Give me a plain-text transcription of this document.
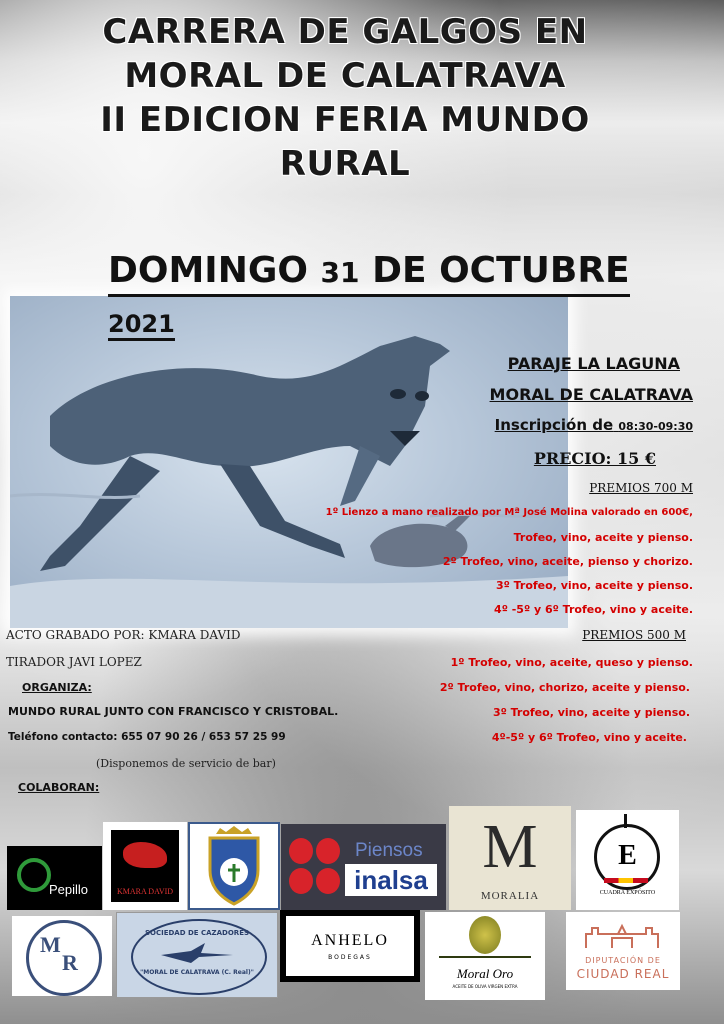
CARRERA DE GALGOS EN
MORAL DE CALATRAVA
II EDICION FERIA MUNDO
RURAL
DOMINGO 31 DE OCTUBRE
2021
PARAJE LA LAGUNA
MORAL DE CALATRAVA
Inscripción de 08:30-09:30
PRECIO: 15 €
PREMIOS 700 M
1º Lienzo a mano realizado por Mª José Molina valorado en 600€,
Trofeo, vino, aceite y pienso.
2º Trofeo, vino, aceite, pienso y chorizo.
3º Trofeo, vino, aceite y pienso.
4º -5º y 6º Trofeo, vino y aceite.
PREMIOS 500 M
1º Trofeo, vino, aceite, queso y pienso.
2º Trofeo, vino, chorizo, aceite y pienso.
3º Trofeo, vino, aceite y pienso.
4º-5º y 6º Trofeo, vino y aceite.
ACTO GRABADO POR: KMARA DAVID
TIRADOR JAVI LOPEZ
ORGANIZA:
MUNDO RURAL JUNTO CON FRANCISCO Y CRISTOBAL.
Teléfono contacto: 655 07 90 26 / 653 57 25 99
(Disponemos de servicio de bar)
COLABORAN:
Pepillo	KMARA DAVID
Piensos
inalsa M
MORALIA
E
CUADRA EXPÓSITO
M
R
SOCIEDAD DE CAZADORES
"MORAL DE CALATRAVA (C. Real)"
ANHELO
BODEGAS
Moral Oro
ACEITE DE OLIVA VIRGEN EXTRA
DIPUTACIÓN DE
CIUDAD REAL
